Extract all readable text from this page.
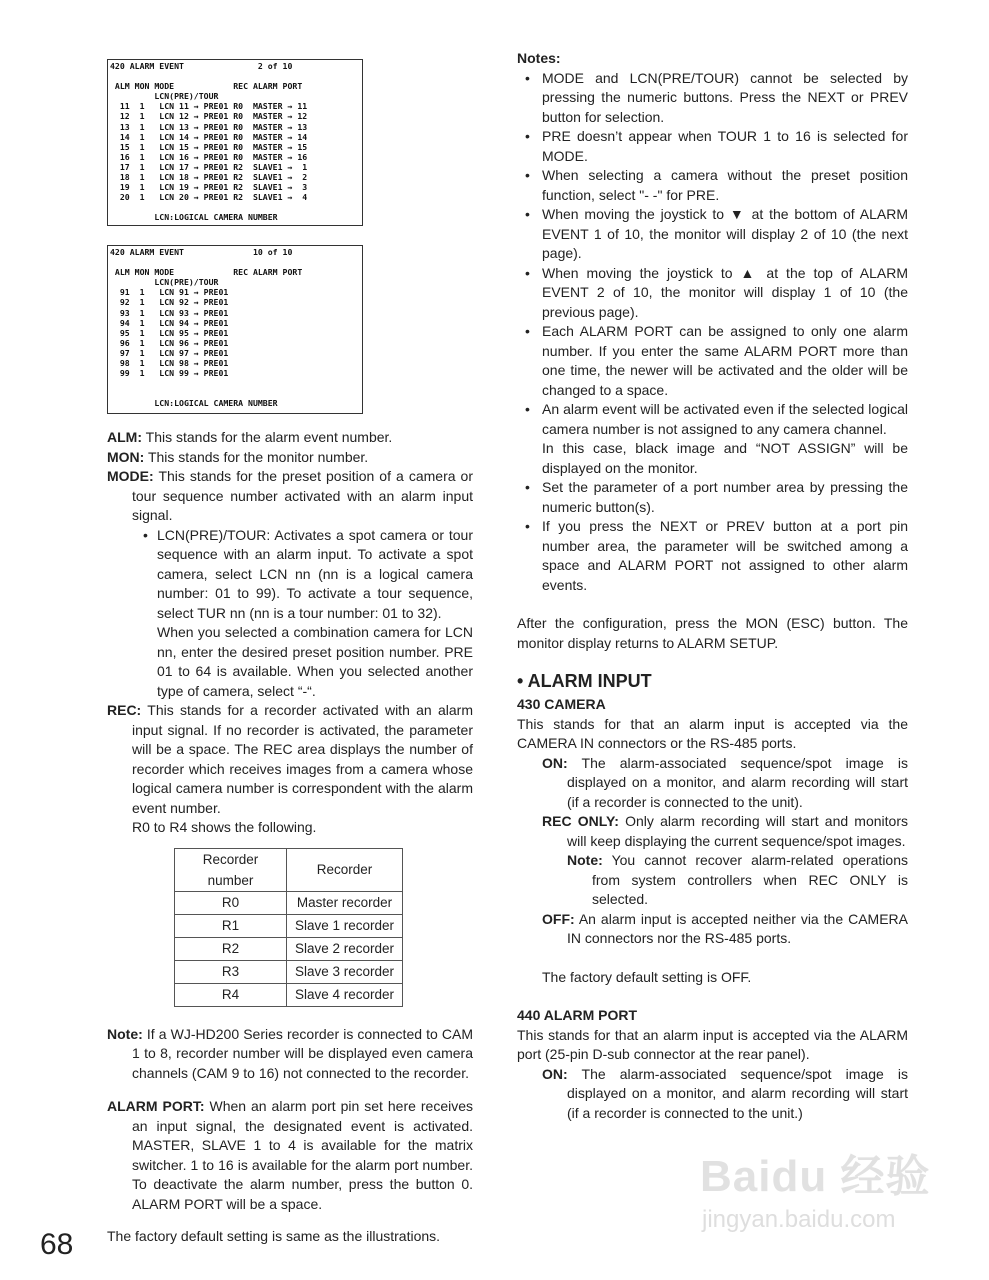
420 ALARM EVENT               2 of 10

ALM MON MODE            REC ALARM PORT
LCN(PRE)/TOUR
11  1   LCN 11 → PRE01 R0  MASTER → 11
12  1   LCN 12 → PRE01 R0  MASTER → 12
13  1   LCN 13 → PRE01 R0  MASTER → 13
14  1   LCN 14 → PRE01 R0  MASTER → 14
15  1   LCN 15 → PRE01 R0  MASTER → 15
16  1   LCN 16 → PRE01 R0  MASTER → 16
17  1   LCN 17 → PRE01 R2  SLAVE1 →  1
18  1   LCN 18 → PRE01 R2  SLAVE1 →  2
19  1   LCN 19 → PRE01 R2  SLAVE1 →  3
20  1   LCN 20 → PRE01 R2  SLAVE1 →  4

LCN:LOGICAL CAMERA NUMBER
420 ALARM EVENT              10 of 10

ALM MON MODE            REC ALARM PORT
LCN(PRE)/TOUR
91  1   LCN 91 → PRE01
92  1   LCN 92 → PRE01
93  1   LCN 93 → PRE01
94  1   LCN 94 → PRE01
95  1   LCN 95 → PRE01
96  1   LCN 96 → PRE01
97  1   LCN 97 → PRE01
98  1   LCN 98 → PRE01
99  1   LCN 99 → PRE01

LCN:LOGICAL CAMERA NUMBER
ALM: This stands for the alarm event number.
MON: This stands for the monitor number.
MODE: This stands for the preset position of a camera or tour sequence number activated with an alarm input signal.
• LCN(PRE)/TOUR: Activates a spot camera or tour sequence with an alarm input. To activate a spot camera, select LCN nn (nn is a logical camera number: 01 to 99). To activate a tour sequence, select TUR nn (nn is a tour number: 01 to 32).
When you selected a combination camera for LCN nn, enter the desired preset position number. PRE 01 to 64 is available. When you selected another type of camera, select “-“.
REC: This stands for a recorder activated with an alarm input signal. If no recorder is activated, the parameter will be a space. The REC area displays the number of recorder which receives images from a camera whose logical camera number is correspondent with the alarm event number.
R0 to R4 shows the following.
Recorder number	Recorder
R0	Master recorder
R1	Slave 1 recorder
R2	Slave 2 recorder
R3	Slave 3 recorder
R4	Slave 4 recorder
Note: If a WJ-HD200 Series recorder is connected to CAM 1 to 8, recorder number will be displayed even camera channels (CAM 9 to 16) not connected to the recorder.
ALARM PORT: When an alarm port pin set here receives an input signal, the designated event is activated. MASTER, SLAVE 1 to 4 is available for the matrix switcher. 1 to 16 is available for the alarm port number. To deactivate the alarm number, press the button 0. ALARM PORT will be a space.
The factory default setting is same as the illustrations.
Notes:
• MODE and LCN(PRE/TOUR) cannot be selected by pressing the numeric buttons. Press the NEXT or PREV button for selection.
• PRE doesn’t appear when TOUR 1 to 16 is selected for MODE.
• When selecting a camera without the preset position function, select "- -" for PRE.
• When moving the joystick to ▼ at the bottom of ALARM EVENT 1 of 10, the monitor will display 2 of 10 (the next page).
• When moving the joystick to ▲ at the top of ALARM EVENT 2 of 10, the monitor will display 1 of 10 (the previous page).
• Each ALARM PORT can be assigned to only one alarm number. If you enter the same ALARM PORT more than one time, the newer will be activated and the older will be changed to a space.
• An alarm event will be activated even if the selected logical camera number is not assigned to any camera channel.
In this case, black image and “NOT ASSIGN” will be displayed on the monitor.
• Set the parameter of a port number area by pressing the numeric button(s).
• If you press the NEXT or PREV button at a port pin number area, the parameter will be switched among a space and ALARM PORT not assigned to other alarm events.
After the configuration, press the MON (ESC) button. The monitor display returns to ALARM SETUP.
• ALARM INPUT
430 CAMERA
This stands for that an alarm input is accepted via the CAMERA IN connectors or the RS-485 ports.
ON: The alarm-associated sequence/spot image is displayed on a monitor, and alarm recording will start (if a recorder is connected to the unit).
REC ONLY: Only alarm recording will start and monitors will keep displaying the current sequence/spot images.
Note: You cannot recover alarm-related operations from system controllers when REC ONLY is selected.
OFF: An alarm input is accepted neither via the CAMERA IN connectors nor the RS-485 ports.
The factory default setting is OFF.
440 ALARM PORT
This stands for that an alarm input is accepted via the ALARM port (25-pin D-sub connector at the rear panel).
ON: The alarm-associated sequence/spot image is displayed on a monitor, and alarm recording will start (if a recorder is connected to the unit.)
68
Baidu 经验
jingyan.baidu.com
